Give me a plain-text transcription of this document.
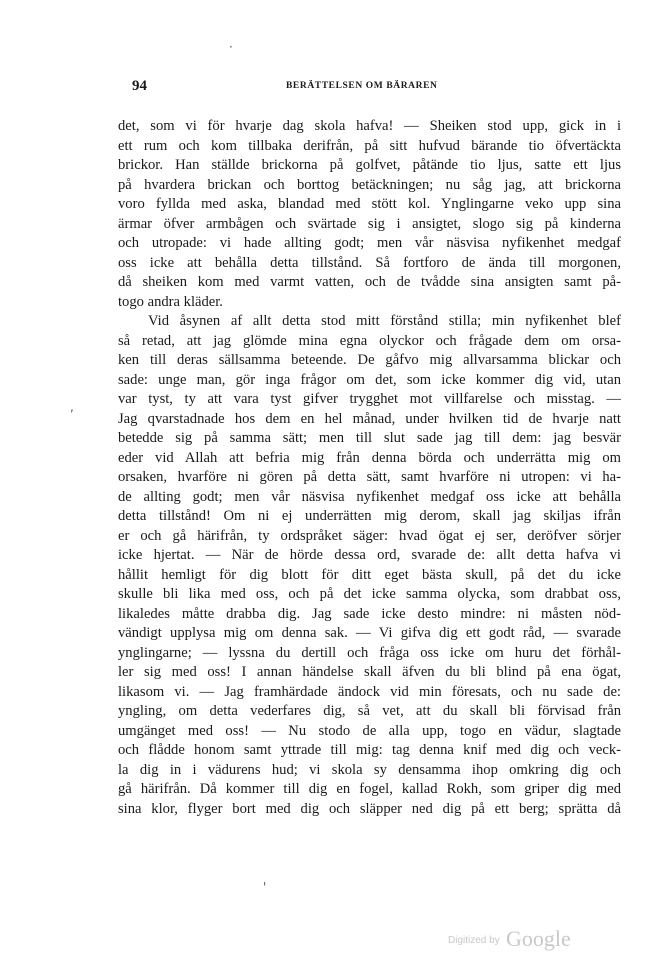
·
,
'
94	BERÄTTELSEN OM BÄRAREN
det, som vi för hvarje dag skola hafva! — Sheiken stod upp, gick in i
ett rum och kom tillbaka derifrån, på sitt hufvud bärande tio öfvertäckta
brickor. Han ställde brickorna på golfvet, påtände tio ljus, satte ett ljus
på hvardera brickan och borttog betäckningen; nu såg jag, att brickorna
voro fyllda med aska, blandad med stött kol. Ynglingarne veko upp sina
ärmar öfver armbågen och svärtade sig i ansigtet, slogo sig på kinderna
och utropade: vi hade allting godt; men vår näsvisa nyfikenhet medgaf
oss icke att behålla detta tillstånd. Så fortforo de ända till morgonen,
då sheiken kom med varmt vatten, och de tvådde sina ansigten samt på-
togo andra kläder.
Vid åsynen af allt detta stod mitt förstånd stilla; min nyfikenhet blef
så retad, att jag glömde mina egna olyckor och frågade dem om orsa-
ken till deras sällsamma beteende. De gåfvo mig allvarsamma blickar och
sade: unge man, gör inga frågor om det, som icke kommer dig vid, utan
var tyst, ty att vara tyst gifver trygghet mot villfarelse och misstag. —
Jag qvarstadnade hos dem en hel månad, under hvilken tid de hvarje natt
betedde sig på samma sätt; men till slut sade jag till dem: jag besvär
eder vid Allah att befria mig från denna börda och underrätta mig om
orsaken, hvarföre ni gören på detta sätt, samt hvarföre ni utropen: vi ha-
de allting godt; men vår näsvisa nyfikenhet medgaf oss icke att behålla
detta tillstånd! Om ni ej underrätten mig derom, skall jag skiljas ifrån
er och gå härifrån, ty ordspråket säger: hvad ögat ej ser, deröfver sörjer
icke hjertat. — När de hörde dessa ord, svarade de: allt detta hafva vi
hållit hemligt för dig blott för ditt eget bästa skull, på det du icke
skulle bli lika med oss, och på det icke samma olycka, som drabbat oss,
likaledes måtte drabba dig. Jag sade icke desto mindre: ni måsten nöd-
vändigt upplysa mig om denna sak. — Vi gifva dig ett godt råd, — svarade
ynglingarne; — lyssna du dertill och fråga oss icke om huru det förhål-
ler sig med oss! I annan händelse skall äfven du bli blind på ena ögat,
likasom vi. — Jag framhärdade ändock vid min föresats, och nu sade de:
yngling, om detta vederfares dig, så vet, att du skall bli förvisad från
umgänget med oss! — Nu stodo de alla upp, togo en vädur, slagtade
och flådde honom samt yttrade till mig: tag denna knif med dig och veck-
la dig in i vädurens hud; vi skola sy densamma ihop omkring dig och
gå härifrån. Då kommer till dig en fogel, kallad Rokh, som griper dig med
sina klor, flyger bort med dig och släpper ned dig på ett berg; sprätta då
Digitized by Google
